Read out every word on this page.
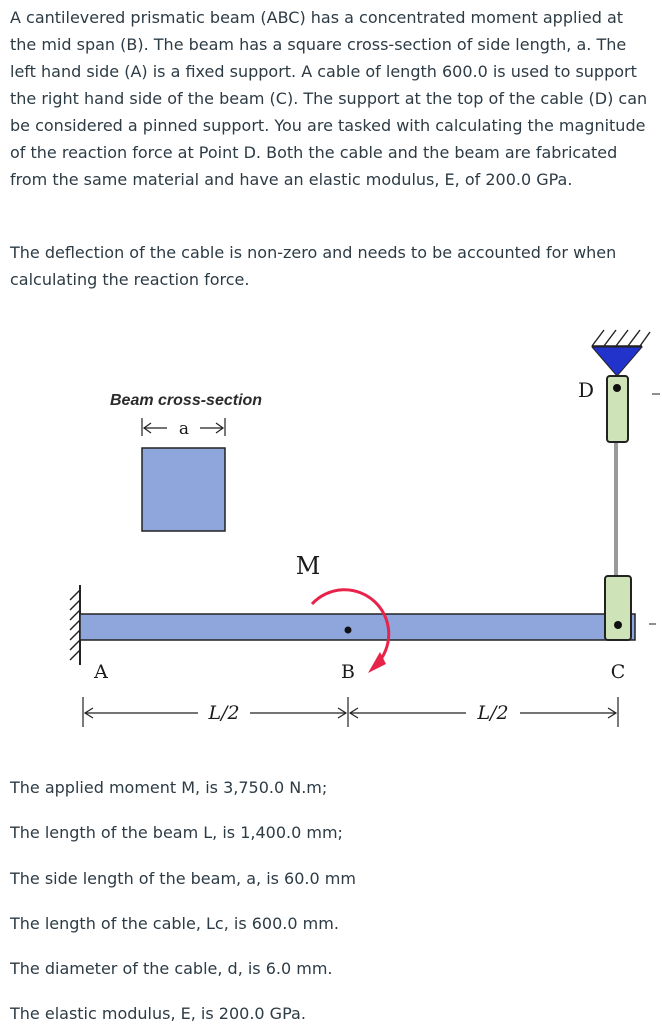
A cantilevered prismatic beam (ABC) has a concentrated moment applied at the mid span (B). The beam has a square cross-section of side length, a. The left hand side (A) is a fixed support. A cable of length 600.0 is used to support the right hand side of the beam (C). The support at the top of the cable (D) can be considered a pinned support. You are tasked with calculating the magnitude of the reaction force at Point D. Both the cable and the beam are fabricated from the same material and have an elastic modulus, E, of 200.0 GPa.

The deflection of the cable is non-zero and needs to be accounted for when calculating the reaction force.

Beam cross-section
a
M
D
A	B	C
L/2	L/2

The applied moment M, is 3,750.0 N.m;

The length of the beam L, is 1,400.0 mm;

The side length of the beam, a, is 60.0 mm

The length of the cable, Lc, is 600.0 mm.

The diameter of the cable, d, is 6.0 mm.

The elastic modulus, E, is 200.0 GPa.
